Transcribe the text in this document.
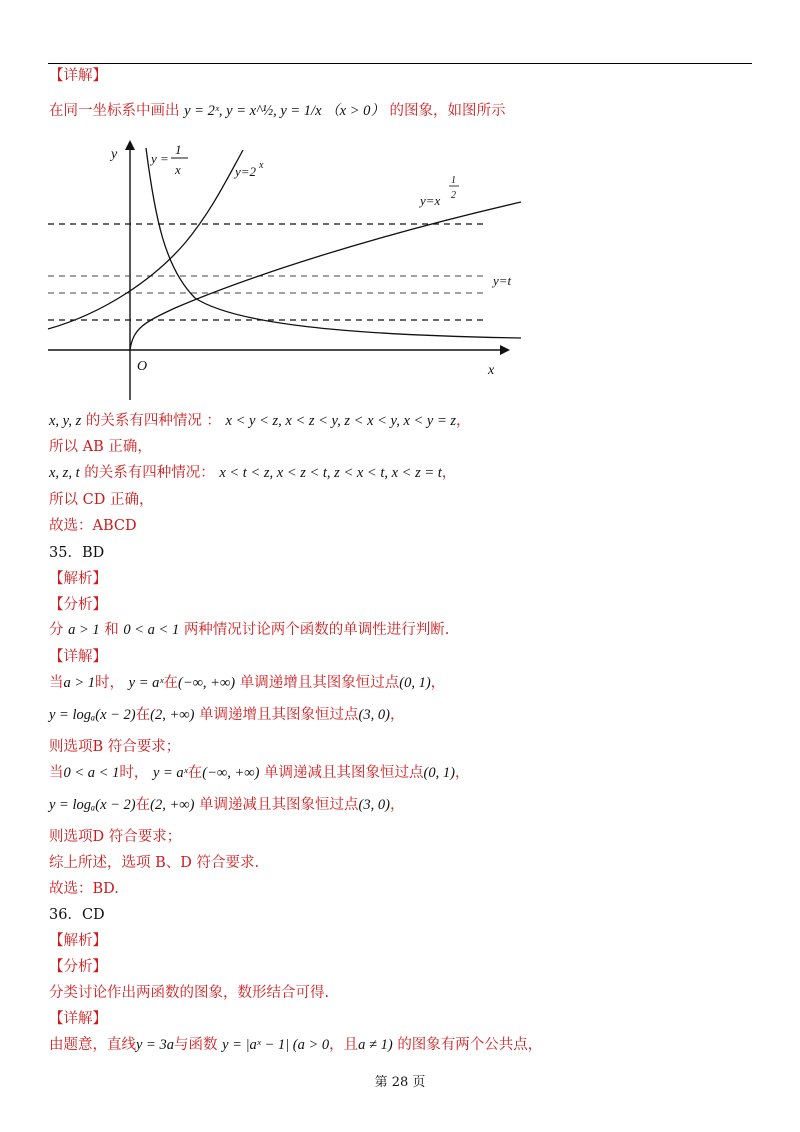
【详解】
在同一坐标系中画出 y = 2ˣ, y = x^½, y = 1/x （x > 0） 的图象，如图所示
y
x
O
y =
1
x	y=2 x
y=x
1
2
y=t
x, y, z 的关系有四种情况 ： x < y < z, x < z < y, z < x < y, x < y = z，
所以 AB 正确，
x, z, t 的关系有四种情况： x < t < z, x < z < t, z < x < t, x < z = t，
所以 CD 正确，
故选：ABCD
35．BD
【解析】
【分析】
分 a > 1 和 0 < a < 1 两种情况讨论两个函数的单调性进行判断.
【详解】
当a > 1时， y = aˣ在(−∞, +∞) 单调递增且其图象恒过点(0, 1)，
y = logₐ(x − 2)在(2, +∞) 单调递增且其图象恒过点(3, 0)，
则选项B 符合要求；
当0 < a < 1时， y = aˣ在(−∞, +∞) 单调递减且其图象恒过点(0, 1)，
y = logₐ(x − 2)在(2, +∞) 单调递减且其图象恒过点(3, 0)，
则选项D 符合要求；
综上所述，选项 B、D 符合要求.
故选：BD.
36．CD
【解析】
【分析】
分类讨论作出两函数的图象，数形结合可得.
【详解】
由题意，直线y = 3a与函数 y = |aˣ − 1| (a > 0，且a ≠ 1) 的图象有两个公共点，
第 28 页
